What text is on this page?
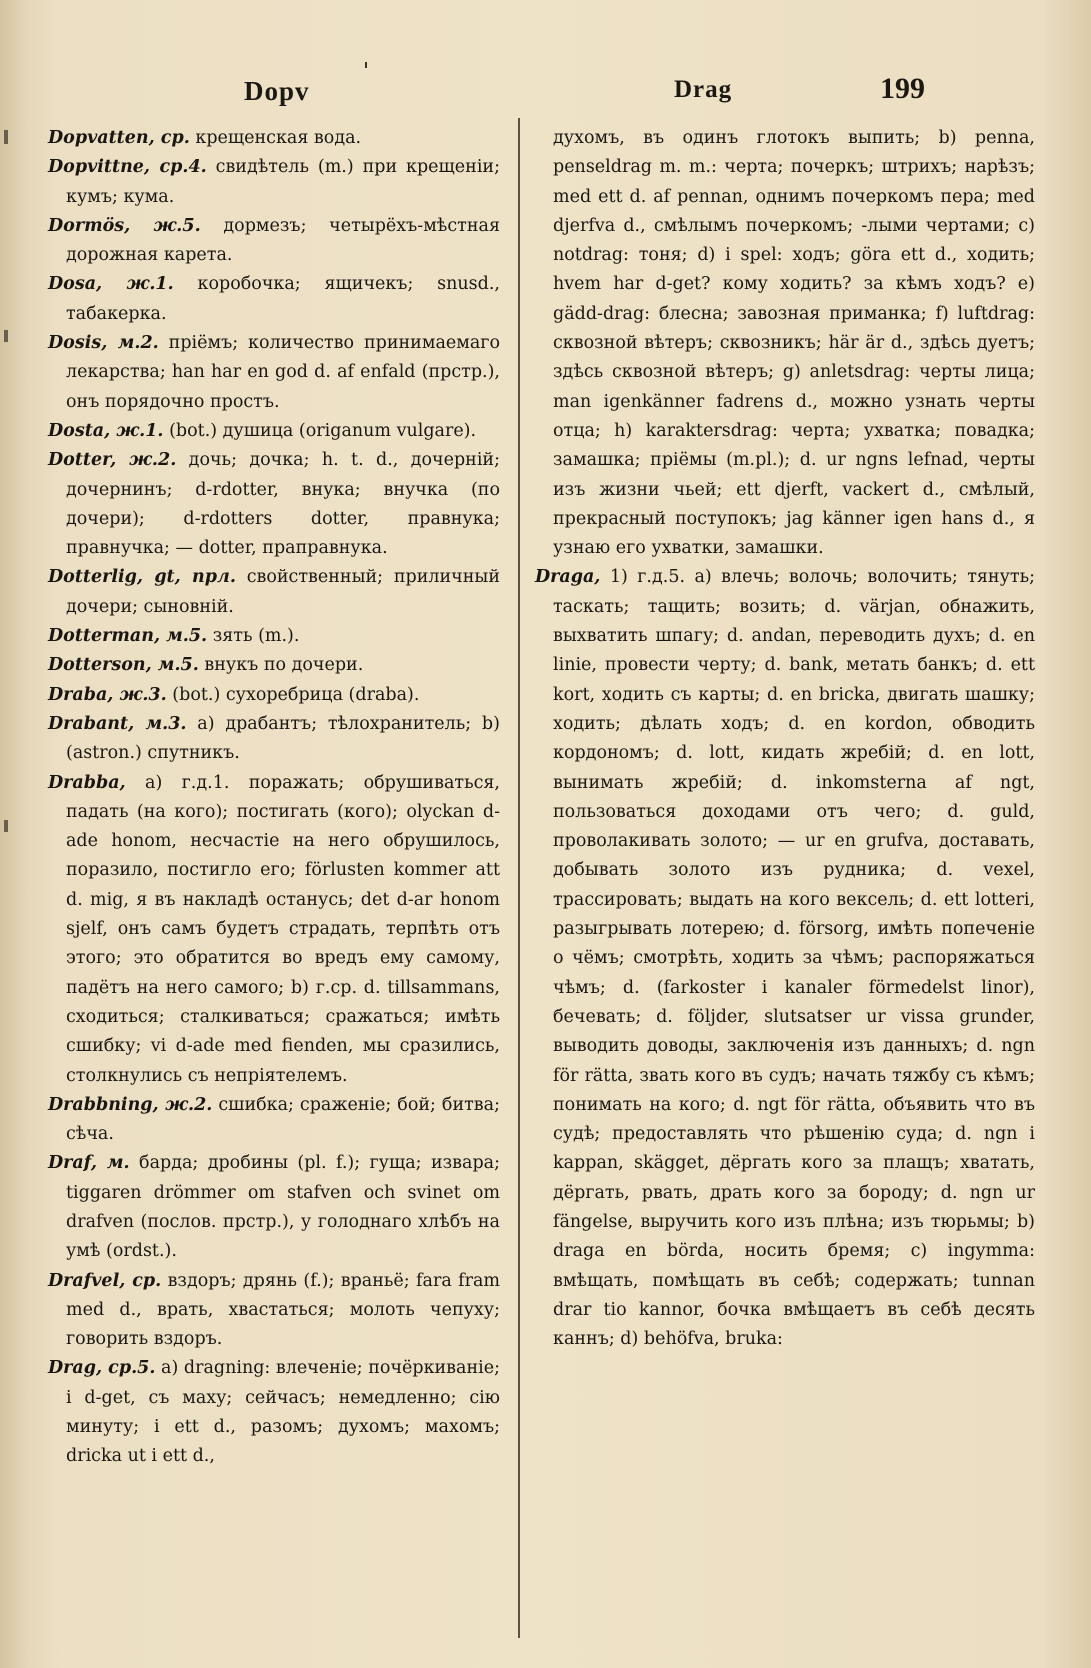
Dopv	Drag	199
Dopvatten, ср. крещенская вода.
Dopvittne, ср.4. свидѣтель (m.) при крещеніи; кумъ; кума.
Dormös, ж.5. дормезъ; четырёхъ-мѣстная дорожная карета.
Dosa, ж.1. коробочка; ящичекъ; snusd., табакерка.
Dosis, м.2. пріёмъ; количество принимаемаго лекарства; han har en god d. af enfald (прстр.), онъ порядочно простъ.
Dosta, ж.1. (bot.) душица (origanum vulgare).
Dotter, ж.2. дочь; дочка; h. t. d., дочерній; дочернинъ; d-rdotter, внука; внучка (по дочери); d-rdotters dotter, правнука; правнучка; — dotter, праправнука.
Dotterlig, gt, прл. свойственный; приличный дочери; сыновній.
Dotterman, м.5. зять (m.).
Dotterson, м.5. внукъ по дочери.
Draba, ж.3. (bot.) сухоребрица (draba).
Drabant, м.3. a) драбантъ; тѣлохранитель; b) (astron.) спутникъ.
Drabba, a) г.д.1. поражать; обрушиваться, падать (на кого); постигать (кого); olyckan d-ade honom, несчастіе на него обрушилось, поразило, постигло его; förlusten kommer att d. mig, я въ накладѣ останусь; det d-ar honom sjelf, онъ самъ будетъ страдать, терпѣть отъ этого; это обратится во вредъ ему самому, падётъ на него самого; b) г.ср. d. tillsammans, сходиться; сталкиваться; сражаться; имѣть сшибку; vi d-ade med fienden, мы сразились, столкнулись съ непріятелемъ.
Drabbning, ж.2. сшибка; сраженіе; бой; битва; сѣча.
Draf, м. барда; дробины (pl. f.); гуща; извара; tiggaren drömmer om stafven och svinet om drafven (послов. прстр.), у голоднаго хлѣбъ на умѣ (ordst.).
Drafvel, ср. вздоръ; дрянь (f.); враньё; fara fram med d., врать, хвастаться; молоть чепуху; говорить вздоръ.
Drag, ср.5. a) dragning: влеченіе; почёркиваніе; i d-get, съ маху; сейчасъ; немедленно; сію минуту; i ett d., разомъ; духомъ; махомъ; dricka ut i ett d.,
духомъ, въ одинъ глотокъ выпить; b) penna, penseldrag m. m.: черта; почеркъ; штрихъ; нарѣзъ; med ett d. af pennan, однимъ почеркомъ пера; med djerfva d., смѣлымъ почеркомъ; -лыми чертами; c) notdrag: тоня; d) i spel: ходъ; göra ett d., ходить; hvem har d-get? кому ходить? за кѣмъ ходъ? e) gädd-drag: блесна; завозная приманка; f) luftdrag: сквозной вѣтеръ; сквозникъ; här är d., здѣсь дуетъ; здѣсь сквозной вѣтеръ; g) anletsdrag: черты лица; man igenkänner fadrens d., можно узнать черты отца; h) karaktersdrag: черта; ухватка; повадка; замашка; пріёмы (m.pl.); d. ur ngns lefnad, черты изъ жизни чьей; ett djerft, vackert d., смѣлый, прекрасный поступокъ; jag känner igen hans d., я узнаю его ухватки, замашки.
Draga, 1) г.д.5. a) влечь; волочь; волочить; тянуть; таскать; тащить; возить; d. värjan, обнажить, выхватить шпагу; d. andan, переводить духъ; d. en linie, провести черту; d. bank, метать банкъ; d. ett kort, ходить съ карты; d. en bricka, двигать шашку; ходить; дѣлать ходъ; d. en kordon, обводить кордономъ; d. lott, кидать жребій; d. en lott, вынимать жребій; d. inkomsterna af ngt, пользоваться доходами отъ чего; d. guld, проволакивать золото; — ur en grufva, доставать, добывать золото изъ рудника; d. vexel, трассировать; выдать на кого вексель; d. ett lotteri, разыгрывать лотерею; d. försorg, имѣть попеченіе о чёмъ; смотрѣть, ходить за чѣмъ; распоряжаться чѣмъ; d. (farkoster i kanaler förmedelst linor), бечевать; d. följder, slutsatser ur vissa grunder, выводить доводы, заключенія изъ данныхъ; d. ngn för rätta, звать кого въ судъ; начать тяжбу съ кѣмъ; понимать на кого; d. ngt för rätta, объявить что въ судѣ; предоставлять что рѣшенію суда; d. ngn i kappan, skägget, дёргать кого за плащъ; хватать, дёргать, рвать, драть кого за бороду; d. ngn ur fängelse, выручить кого изъ плѣна; изъ тюрьмы; b) draga en börda, носить бремя; c) ingymma: вмѣщать, помѣщать въ себѣ; содержать; tunnan drar tio kannor, бочка вмѣщаетъ въ себѣ десять каннъ; d) behöfva, bruka:
